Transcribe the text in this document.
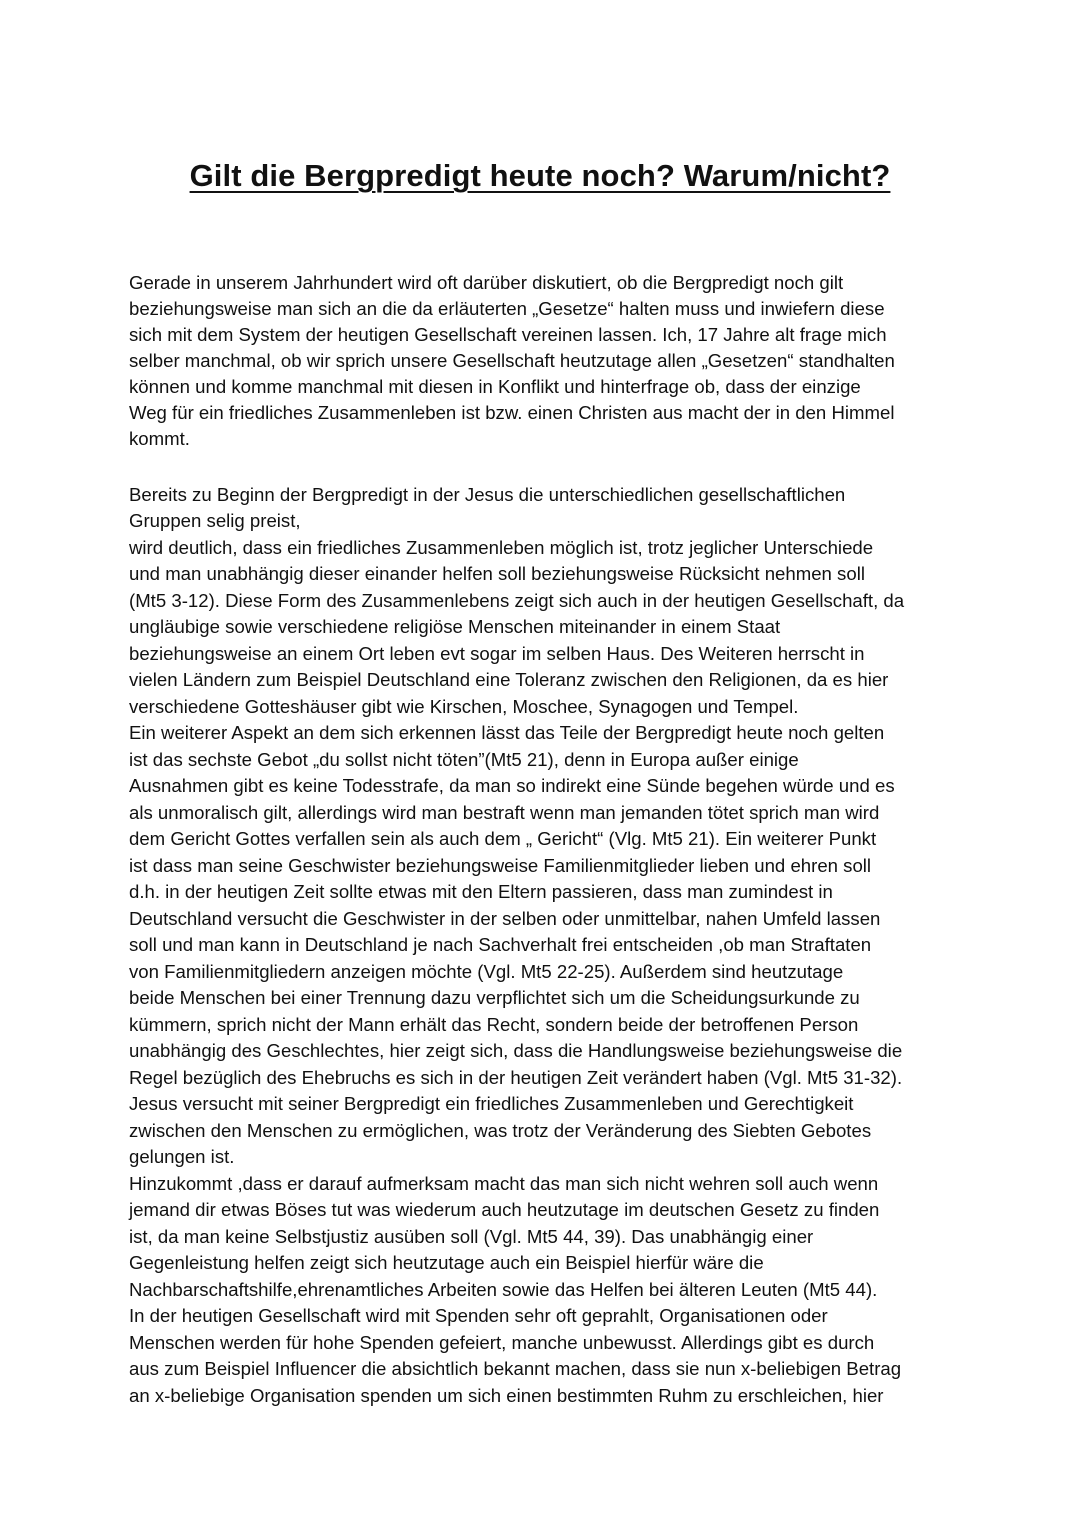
Gilt die Bergpredigt heute noch? Warum/nicht?

Gerade in unserem Jahrhundert wird oft darüber diskutiert, ob die Bergpredigt noch gilt

beziehungsweise man sich an die da erläuterten „Gesetze“ halten muss und inwiefern diese

sich mit dem System der heutigen Gesellschaft vereinen lassen. Ich, 17 Jahre alt frage mich

selber manchmal, ob wir sprich unsere Gesellschaft heutzutage allen „Gesetzen“ standhalten

können und komme manchmal mit diesen in Konflikt und hinterfrage ob, dass der einzige

Weg für ein friedliches Zusammenleben ist bzw. einen Christen aus macht der in den Himmel

kommt.

Bereits zu Beginn der Bergpredigt in der Jesus die unterschiedlichen gesellschaftlichen

Gruppen selig preist,

wird deutlich, dass ein friedliches Zusammenleben möglich ist, trotz jeglicher Unterschiede

und man unabhängig dieser einander helfen soll beziehungsweise Rücksicht nehmen soll

(Mt5 3-12). Diese Form des Zusammenlebens zeigt sich auch in der heutigen Gesellschaft, da

ungläubige sowie verschiedene religiöse Menschen miteinander in einem Staat

beziehungsweise an einem Ort leben evt sogar im selben Haus. Des Weiteren herrscht in

vielen Ländern zum Beispiel Deutschland eine Toleranz zwischen den Religionen, da es hier

verschiedene Gotteshäuser gibt wie Kirschen, Moschee, Synagogen und Tempel.

Ein weiterer Aspekt an dem sich erkennen lässt das Teile der Bergpredigt heute noch gelten

ist das sechste Gebot „du sollst nicht töten”(Mt5 21), denn in Europa außer einige

Ausnahmen gibt es keine Todesstrafe, da man so indirekt eine Sünde begehen würde und es

als unmoralisch gilt, allerdings wird man bestraft wenn man jemanden tötet sprich man wird

dem Gericht Gottes verfallen sein als auch dem „ Gericht“ (Vlg. Mt5 21). Ein weiterer Punkt

ist dass man seine Geschwister beziehungsweise Familienmitglieder lieben und ehren soll

d.h. in der heutigen Zeit sollte etwas mit den Eltern passieren, dass man zumindest in

Deutschland versucht die Geschwister in der selben oder unmittelbar, nahen Umfeld lassen

soll und man kann in Deutschland je nach Sachverhalt frei entscheiden ,ob man Straftaten

von Familienmitgliedern anzeigen möchte (Vgl. Mt5 22-25). Außerdem sind heutzutage

beide Menschen bei einer Trennung dazu verpflichtet sich um die Scheidungsurkunde zu

kümmern, sprich nicht der Mann erhält das Recht, sondern beide der betroffenen Person

unabhängig des Geschlechtes, hier zeigt sich, dass die Handlungsweise beziehungsweise die

Regel bezüglich des Ehebruchs es sich in der heutigen Zeit verändert haben (Vgl. Mt5 31-32).

Jesus versucht mit seiner Bergpredigt ein friedliches Zusammenleben und Gerechtigkeit

zwischen den Menschen zu ermöglichen, was trotz der Veränderung des Siebten Gebotes

gelungen ist.

Hinzukommt ,dass er darauf aufmerksam macht das man sich nicht wehren soll auch wenn

jemand dir etwas Böses tut was wiederum auch heutzutage im deutschen Gesetz zu finden

ist, da man keine Selbstjustiz ausüben soll (Vgl. Mt5 44, 39). Das unabhängig einer

Gegenleistung helfen zeigt sich heutzutage auch ein Beispiel hierfür wäre die

Nachbarschaftshilfe,ehrenamtliches Arbeiten sowie das Helfen bei älteren Leuten (Mt5 44).

In der heutigen Gesellschaft wird mit Spenden sehr oft geprahlt, Organisationen oder

Menschen werden für hohe Spenden gefeiert, manche unbewusst. Allerdings gibt es durch

aus zum Beispiel Influencer die absichtlich bekannt machen, dass sie nun x-beliebigen Betrag

an x-beliebige Organisation spenden um sich einen bestimmten Ruhm zu erschleichen, hier
